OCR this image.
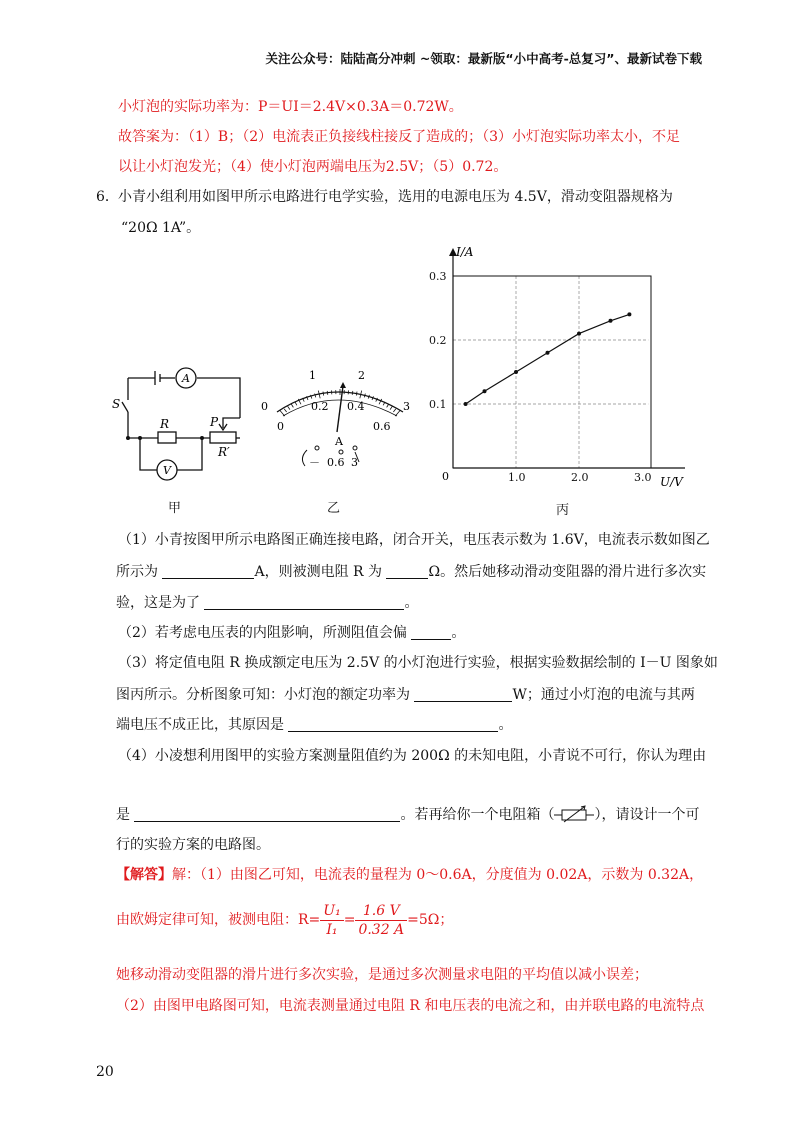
关注公众号：陆陆高分冲刺 ~领取：最新版“小中高考-总复习”、最新试卷下载
小灯泡的实际功率为：P＝UI＝2.4V×0.3A＝0.72W。
故答案为：（1）B；（2）电流表正负接线柱接反了造成的；（3）小灯泡实际功率太小，不足
以让小灯泡发光；（4）使小灯泡两端电压为2.5V；（5）0.72。
6． 小青小组利用如图甲所示电路进行电学实验，选用的电源电压为 4.5V，滑动变阻器规格为
“20Ω 1A”。
A
V
S
R	P
R′
甲
0
1	2
3
0
0.2 0.4
0.6
A
－ 0.6 3
乙
1.0	2.0	3.0
0.1
0.2
0.3
I/A
U/V
0
丙
（1）小青按图甲所示电路图正确连接电路，闭合开关，电压表示数为 1.6V，电流表示数如图乙
所示为	A，则被测电阻 R 为	Ω。然后她移动滑动变阻器的滑片进行多次实
验，这是为了	。
（2）若考虑电压表的内阻影响，所测阻值会偏	。
（3）将定值电阻 R 换成额定电压为 2.5V 的小灯泡进行实验，根据实验数据绘制的 I－U 图象如
图丙所示。分析图象可知：小灯泡的额定功率为	W；通过小灯泡的电流与其两
端电压不成正比，其原因是	。
（4）小凌想利用图甲的实验方案测量阻值约为 200Ω 的未知电阻，小青说不可行，你认为理由
是	。若再给你一个电阻箱（	），请设计一个可
行的实验方案的电路图。
【解答】解：（1）由图乙可知，电流表的量程为 0～0.6A，分度值为 0.02A，示数为 0.32A，
由欧姆定律可知，被测电阻：$R= \frac{\text{U₁}}{\text{I₁}} = \frac{1.6 V}{0.32 A} =5\Omega$；
她移动滑动变阻器的滑片进行多次实验，是通过多次测量求电阻的平均值以减小误差；
（2）由图甲电路图可知，电流表测量通过电阻 R 和电压表的电流之和，由并联电路的电流特点
20
